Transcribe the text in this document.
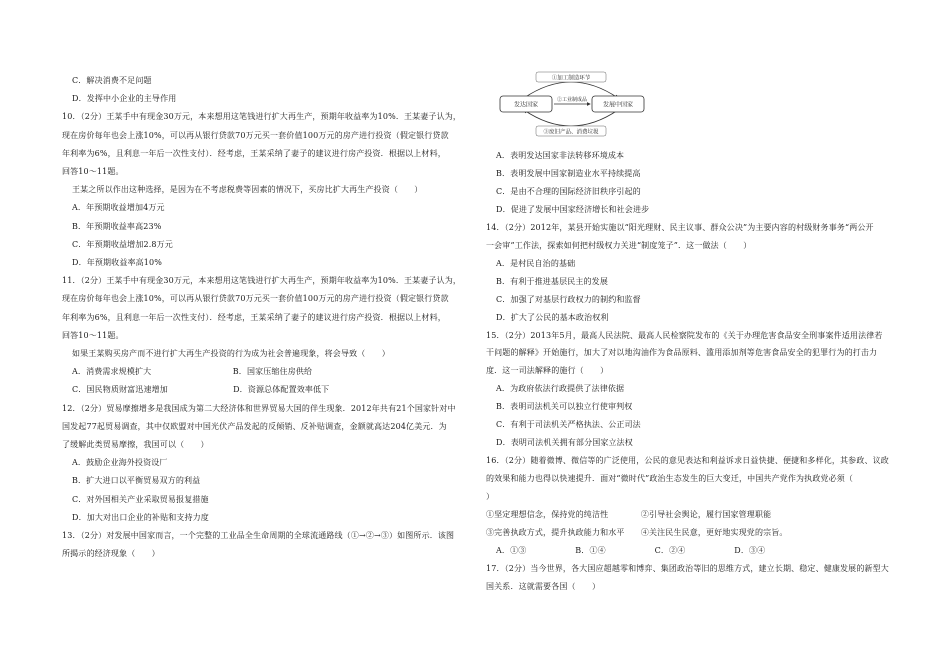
C．解决消费不足问题
D．发挥中小企业的主导作用
10．（2分）王某手中有现金30万元，本来想用这笔钱进行扩大再生产，预期年收益率为10%．王某妻子认为，
现在房价每年也会上涨10%，可以再从银行贷款70万元买一套价值100万元的房产进行投资（假定银行贷款
年利率为6%，且利息一年后一次性支付）．经考虑，王某采纳了妻子的建议进行房产投资．根据以上材料，
回答10～11题。
王某之所以作出这种选择，是因为在不考虑税费等因素的情况下，买房比扩大再生产投资（　　）
A．年预期收益增加4万元
B．年预期收益率高23%
C．年预期收益增加2.8万元
D．年预期收益率高10%
11．（2分）王某手中有现金30万元，本来想用这笔钱进行扩大再生产，预期年收益率为10%．王某妻子认为，
现在房价每年也会上涨10%，可以再从银行贷款70万元买一套价值100万元的房产进行投资（假定银行贷款
年利率为6%，且利息一年后一次性支付）．经考虑，王某采纳了妻子的建议进行房产投资．根据以上材料，
回答10～11题。
如果王某购买房产而不进行扩大再生产投资的行为成为社会普遍现象，将会导致（　　）
A．消费需求规模扩大　　　　　　　　　　B．国家压缩住房供给
C．国民物质财富迅速增加　　　　　　　　D．资源总体配置效率低下
12．（2分）贸易摩擦增多是我国成为第二大经济体和世界贸易大国的伴生现象．2012年共有21个国家针对中
国发起77起贸易调查，其中仅欧盟对中国光伏产品发起的反倾销、反补贴调查，金额就高达204亿美元．为
了缓解此类贸易摩擦，我国可以（　　）
A．鼓励企业海外投资设厂
B．扩大进口以平衡贸易双方的利益
C．对外国相关产业采取贸易报复措施
D．加大对出口企业的补贴和支持力度
13．（2分）对发展中国家而言，一个完整的工业品全生命周期的全球流通路线（①→②→③）如图所示．该图
所揭示的经济现象（　　）
①加工制造环节
②工业制成品
③废旧产品、消费垃圾
发达国家	发展中国家
A．表明发达国家非法转移环境成本
B．表明发展中国家制造业水平持续提高
C．是由不合理的国际经济旧秩序引起的
D．促进了发展中国家经济增长和社会进步
14．（2分）2012年，某县开始实施以“阳光理财、民主议事、群众公决”为主要内容的村级财务事务“两公开
一会审”工作法，探索如何把村级权力关进“制度笼子”．这一做法（　　）
A．是村民自治的基础
B．有利于推进基层民主的发展
C．加强了对基层行政权力的制约和监督
D．扩大了公民的基本政治权利
15．（2分）2013年5月，最高人民法院、最高人民检察院发布的《关于办理危害食品安全刑事案件适用法律若
干问题的解释》开始施行，加大了对以地沟油作为食品原料、滥用添加剂等危害食品安全的犯罪行为的打击力
度．这一司法解释的施行（　　）
A．为政府依法行政提供了法律依据
B．表明司法机关可以独立行使审判权
C．有利于司法机关严格执法、公正司法
D．表明司法机关拥有部分国家立法权
16．（2分）随着微博、微信等的广泛使用，公民的意见表达和利益诉求日益快捷、便捷和多样化，其参政、议政
的效果和能力也得以快速提升．面对“微时代”政治生态发生的巨大变迁，中国共产党作为执政党必须（
）
①坚定理想信念，保持党的纯洁性　　　　②引导社会舆论，履行国家管理职能
③完善执政方式，提升执政能力和水平　　④关注民生民意，更好地实现党的宗旨。
A．①③　　　　　　B．①④　　　　　　C．②④　　　　　　D．③④
17．（2分）当今世界，各大国应超越零和博弈、集团政治等旧的思维方式，建立长期、稳定、健康发展的新型大
国关系．这就需要各国（　　）
